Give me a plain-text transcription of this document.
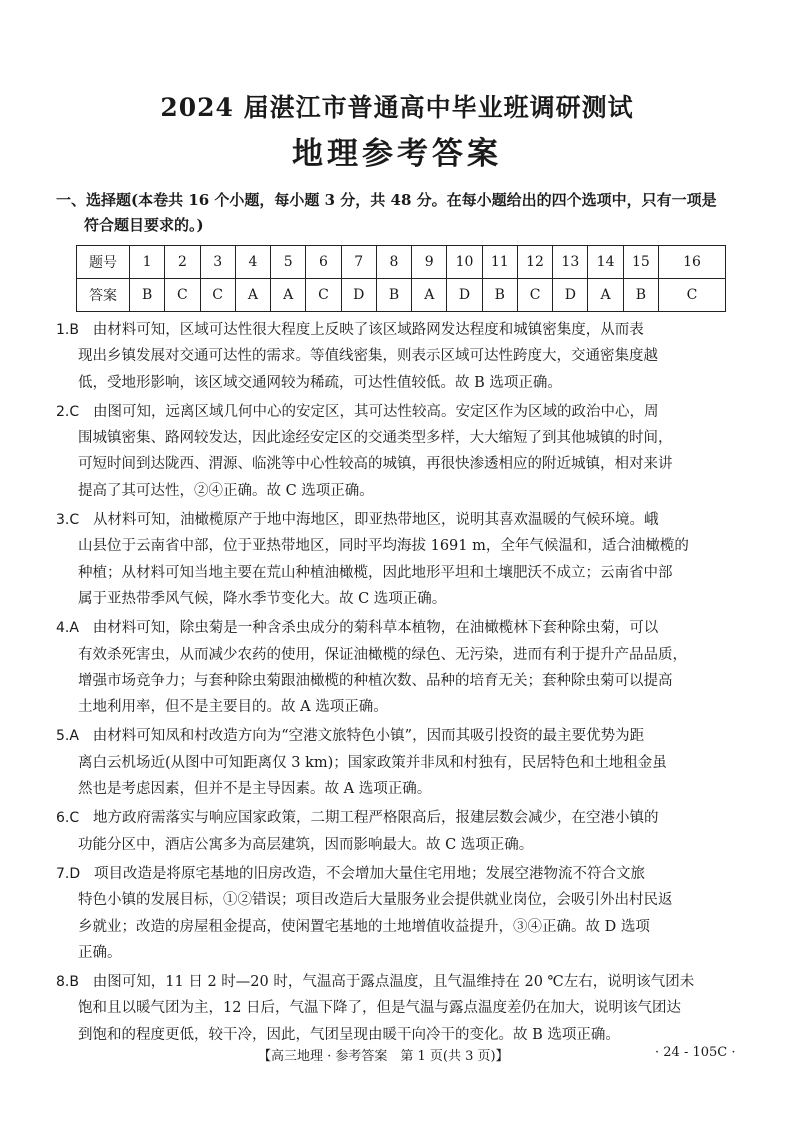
2024 届湛江市普通高中毕业班调研测试
地理参考答案
一、选择题(本卷共 16 个小题，每小题 3 分，共 48 分。在每小题给出的四个选项中，只有一项是
符合题目要求的。)
题号	1	2	3	4	5	6	7	8	9	10	11	12	13	14	15	16
答案	B	C	C	A	A	C	D	B	A	D	B	C	D	A	B	C
1.B 由材料可知，区域可达性很大程度上反映了该区域路网发达程度和城镇密集度，从而表
现出乡镇发展对交通可达性的需求。等值线密集，则表示区域可达性跨度大，交通密集度越
低，受地形影响，该区域交通网较为稀疏，可达性值较低。故 B 选项正确。
2.C 由图可知，远离区域几何中心的安定区，其可达性较高。安定区作为区域的政治中心，周
围城镇密集、路网较发达，因此途经安定区的交通类型多样，大大缩短了到其他城镇的时间，
可短时间到达陇西、渭源、临洮等中心性较高的城镇，再很快渗透相应的附近城镇，相对来讲
提高了其可达性，②④正确。故 C 选项正确。
3.C 从材料可知，油橄榄原产于地中海地区，即亚热带地区，说明其喜欢温暖的气候环境。峨
山县位于云南省中部，位于亚热带地区，同时平均海拔 1691 m，全年气候温和，适合油橄榄的
种植；从材料可知当地主要在荒山种植油橄榄，因此地形平坦和土壤肥沃不成立；云南省中部
属于亚热带季风气候，降水季节变化大。故 C 选项正确。
4.A 由材料可知，除虫菊是一种含杀虫成分的菊科草本植物，在油橄榄林下套种除虫菊，可以
有效杀死害虫，从而减少农药的使用，保证油橄榄的绿色、无污染，进而有利于提升产品品质，
增强市场竞争力；与套种除虫菊跟油橄榄的种植次数、品种的培育无关；套种除虫菊可以提高
土地利用率，但不是主要目的。故 A 选项正确。
5.A 由材料可知凤和村改造方向为“空港文旅特色小镇”，因而其吸引投资的最主要优势为距
离白云机场近(从图中可知距离仅 3 km)；国家政策并非凤和村独有，民居特色和土地租金虽
然也是考虑因素，但并不是主导因素。故 A 选项正确。
6.C 地方政府需落实与响应国家政策，二期工程严格限高后，报建层数会减少，在空港小镇的
功能分区中，酒店公寓多为高层建筑，因而影响最大。故 C 选项正确。
7.D 项目改造是将原宅基地的旧房改造，不会增加大量住宅用地；发展空港物流不符合文旅
特色小镇的发展目标，①②错误；项目改造后大量服务业会提供就业岗位，会吸引外出村民返
乡就业；改造的房屋租金提高，使闲置宅基地的土地增值收益提升，③④正确。故 D 选项
正确。
8.B 由图可知，11 日 2 时—20 时，气温高于露点温度，且气温维持在 20 ℃左右，说明该气团未
饱和且以暖气团为主，12 日后，气温下降了，但是气温与露点温度差仍在加大，说明该气团达
到饱和的程度更低，较干冷，因此，气团呈现由暖干向冷干的变化。故 B 选项正确。
【高三地理 · 参考答案　第 1 页(共 3 页)】	· 24 - 105C ·
